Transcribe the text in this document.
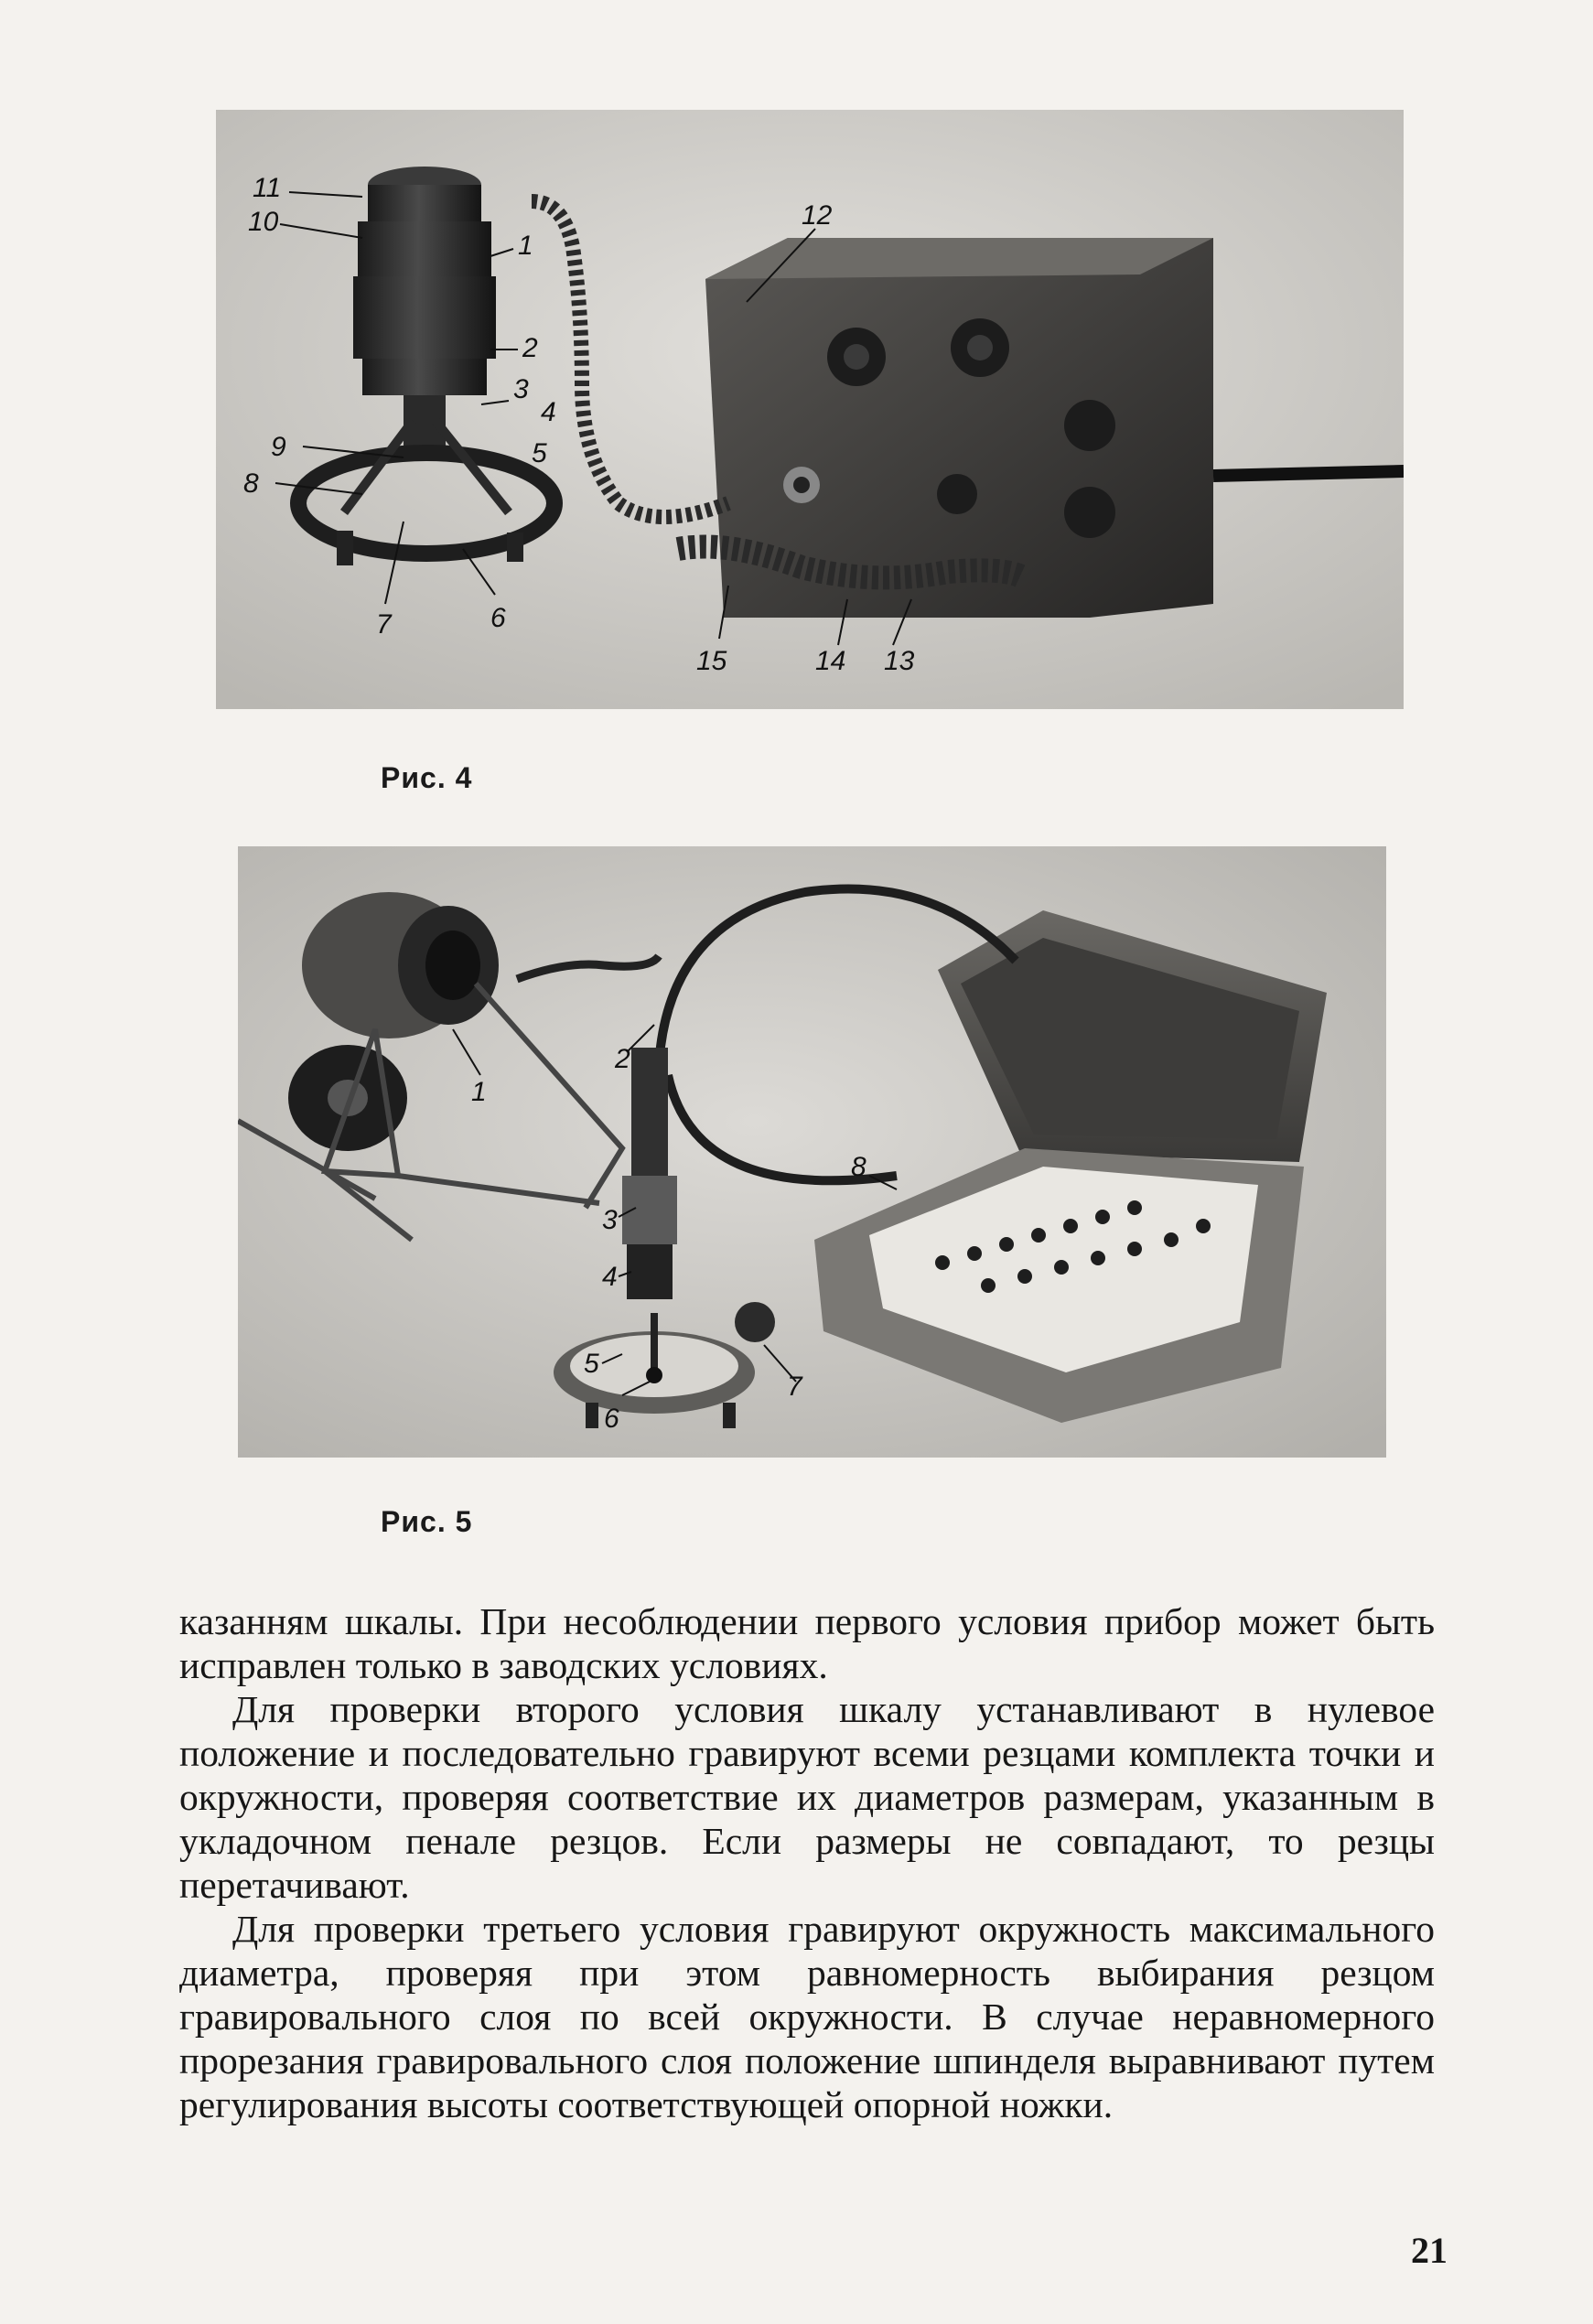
11
10
1
2
3
4
5
9
8
7	6
12
15	14 13
Рис. 4
1
2
3
4
5
6
7
8
Рис. 5

казанням шкалы. При несоблюдении первого условия прибор может быть исправлен только в заводских условиях.

Для проверки второго условия шкалу устанавливают в нулевое положение и последовательно гравируют всеми резцами комплекта точки и окружности, проверяя соответствие их диаметров размерам, указанным в укладочном пенале резцов. Если размеры не совпадают, то резцы перетачивают.

Для проверки третьего условия гравируют окружность максимального диаметра, проверяя при этом равномерность выбирания резцом гравировального слоя по всей окружности. В случае неравномерного прорезания гравировального слоя положение шпинделя выравнивают путем регулирования высоты соответствующей опорной ножки.

21
